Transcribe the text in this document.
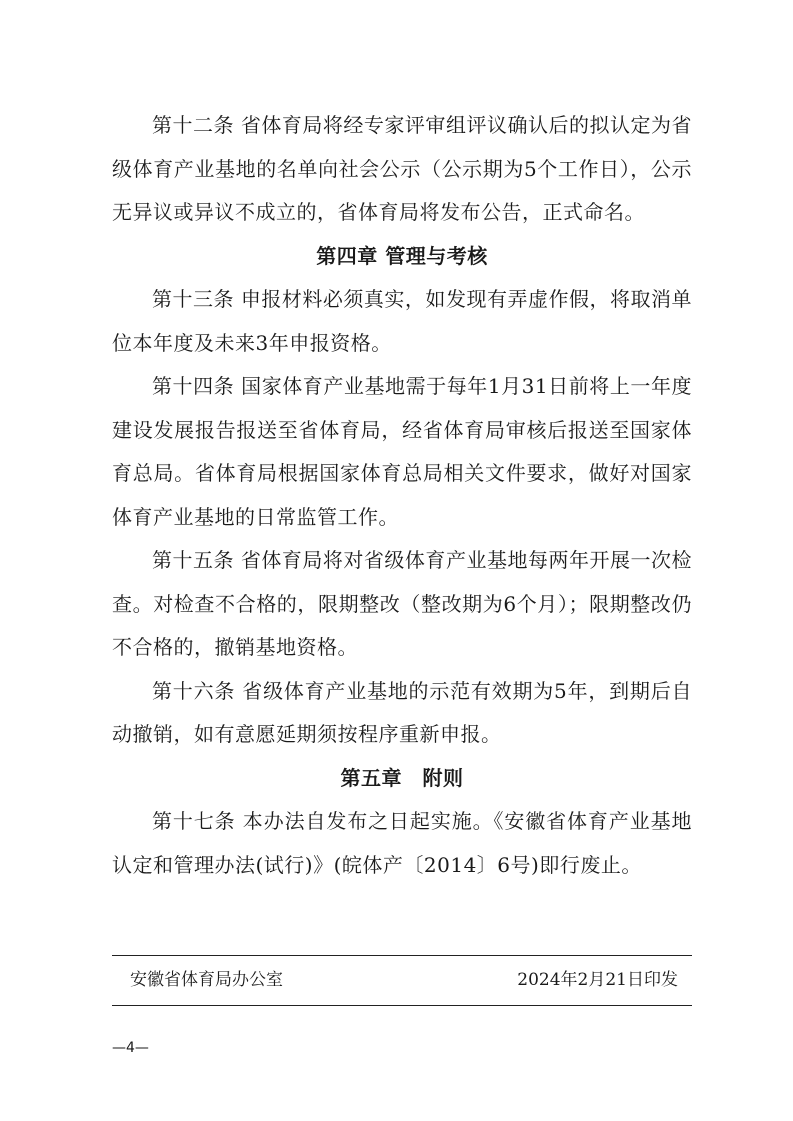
第十二条 省体育局将经专家评审组评议确认后的拟认定为省级体育产业基地的名单向社会公示（公示期为5个工作日），公示无异议或异议不成立的，省体育局将发布公告，正式命名。

第四章 管理与考核

第十三条 申报材料必须真实，如发现有弄虚作假，将取消单位本年度及未来3年申报资格。

第十四条 国家体育产业基地需于每年1月31日前将上一年度建设发展报告报送至省体育局，经省体育局审核后报送至国家体育总局。省体育局根据国家体育总局相关文件要求，做好对国家体育产业基地的日常监管工作。

第十五条 省体育局将对省级体育产业基地每两年开展一次检查。对检查不合格的，限期整改（整改期为6个月）；限期整改仍不合格的，撤销基地资格。

第十六条 省级体育产业基地的示范有效期为5年，到期后自动撤销，如有意愿延期须按程序重新申报。

第五章　附则

第十七条 本办法自发布之日起实施。《安徽省体育产业基地认定和管理办法(试行)》(皖体产〔2014〕6号)即行废止。

安徽省体育局办公室	2024年2月21日印发
—4—
